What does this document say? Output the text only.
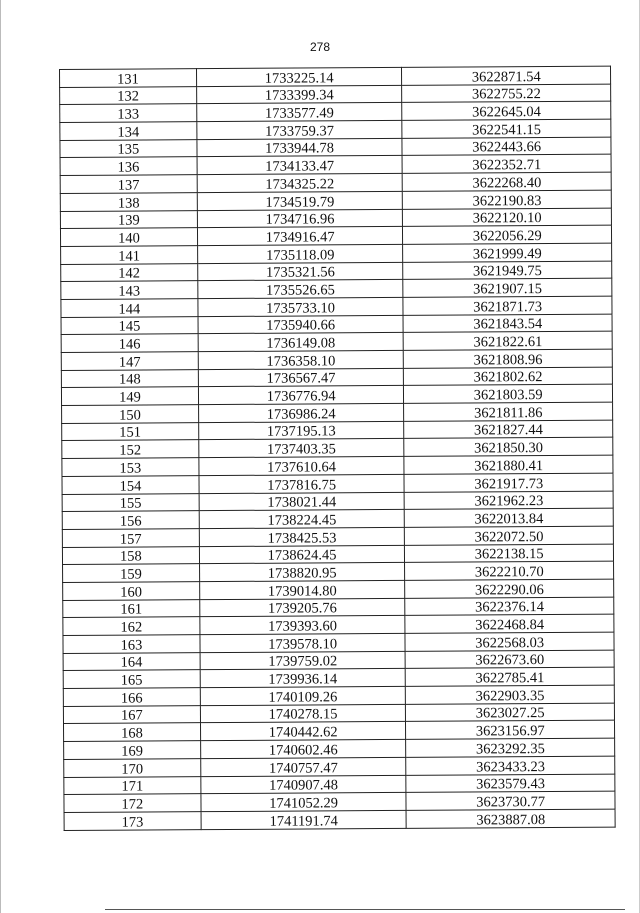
278
131	1733225.14	3622871.54
132	1733399.34	3622755.22
133	1733577.49	3622645.04
134	1733759.37	3622541.15
135	1733944.78	3622443.66
136	1734133.47	3622352.71
137	1734325.22	3622268.40
138	1734519.79	3622190.83
139	1734716.96	3622120.10
140	1734916.47	3622056.29
141	1735118.09	3621999.49
142	1735321.56	3621949.75
143	1735526.65	3621907.15
144	1735733.10	3621871.73
145	1735940.66	3621843.54
146	1736149.08	3621822.61
147	1736358.10	3621808.96
148	1736567.47	3621802.62
149	1736776.94	3621803.59
150	1736986.24	3621811.86
151	1737195.13	3621827.44
152	1737403.35	3621850.30
153	1737610.64	3621880.41
154	1737816.75	3621917.73
155	1738021.44	3621962.23
156	1738224.45	3622013.84
157	1738425.53	3622072.50
158	1738624.45	3622138.15
159	1738820.95	3622210.70
160	1739014.80	3622290.06
161	1739205.76	3622376.14
162	1739393.60	3622468.84
163	1739578.10	3622568.03
164	1739759.02	3622673.60
165	1739936.14	3622785.41
166	1740109.26	3622903.35
167	1740278.15	3623027.25
168	1740442.62	3623156.97
169	1740602.46	3623292.35
170	1740757.47	3623433.23
171	1740907.48	3623579.43
172	1741052.29	3623730.77
173	1741191.74	3623887.08
